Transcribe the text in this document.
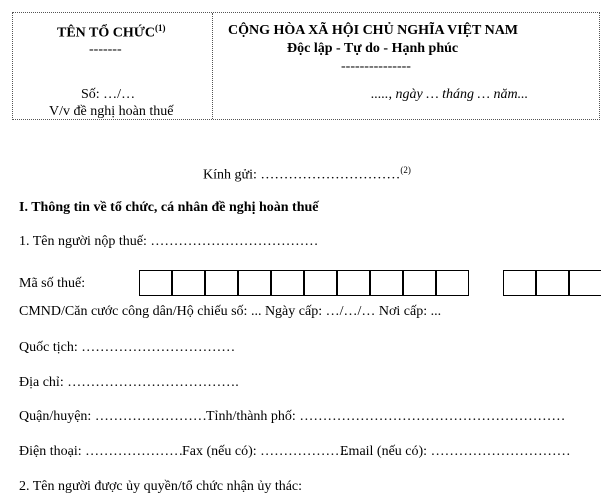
TÊN TỔ CHỨC$^{(1)}$
-------
Số: …/…
V/v đề nghị hoàn thuế
CỘNG HÒA XÃ HỘI CHỦ NGHĨA VIỆT NAM
Độc lập - Tự do - Hạnh phúc
---------------
....., ngày … tháng … năm...
Kính gửi: …………………………$^{(2)}$
I. Thông tin về tổ chức, cá nhân đề nghị hoàn thuế
1. Tên người nộp thuế: ………………………………
Mã số thuế:
CMND/Căn cước công dân/Hộ chiếu số: ... Ngày cấp: …/…/… Nơi cấp: ...
Quốc tịch: ……………………………
Địa chỉ: ……………………………….
Quận/huyện: …………………… Tỉnh/thành phố: …………………………………………………
Điện thoại: …………………
Fax (nếu có): ……………….
Email (nếu có): …………………………
2. Tên người được ủy quyền/tổ chức nhận ủy thác:
